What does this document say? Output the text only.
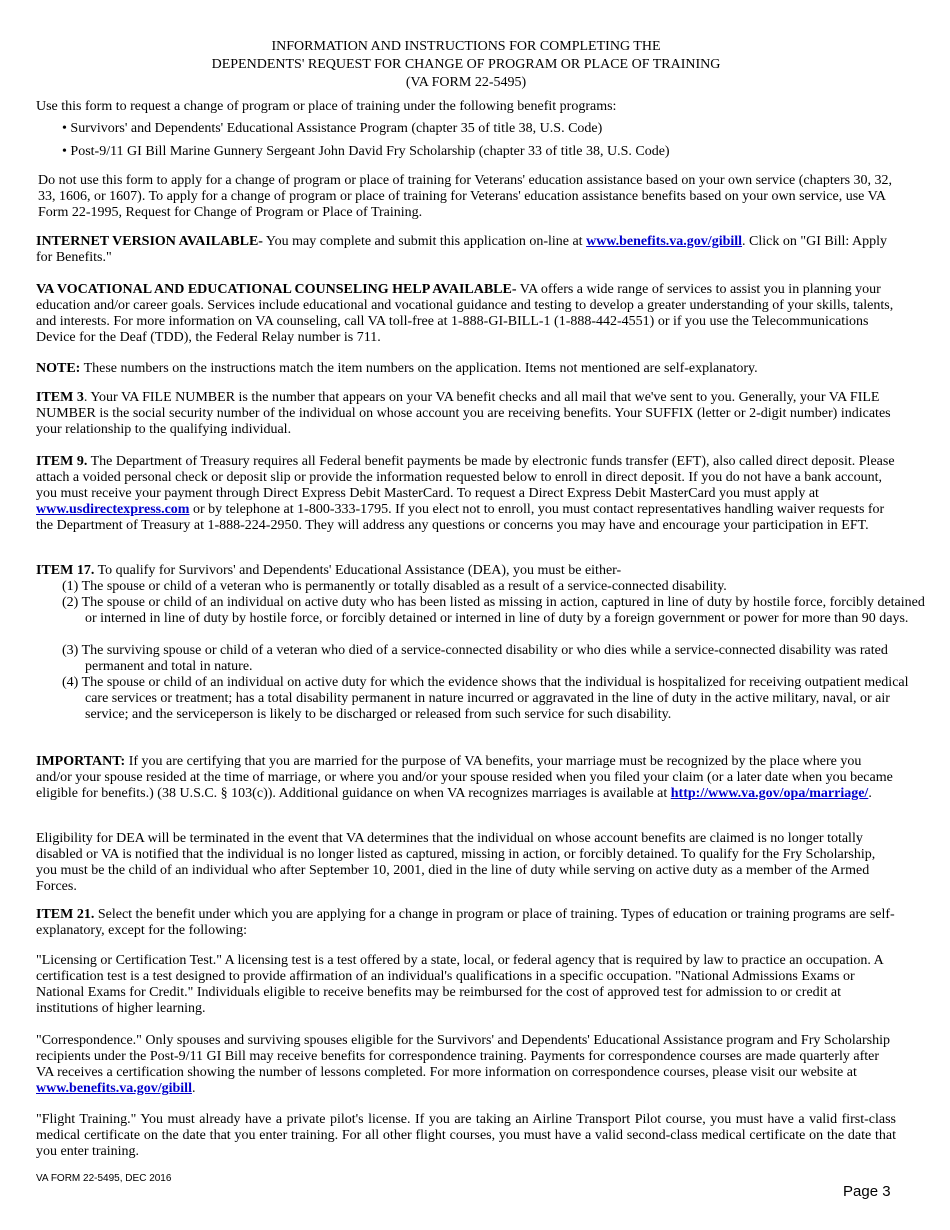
INFORMATION AND INSTRUCTIONS FOR COMPLETING THE

DEPENDENTS' REQUEST FOR CHANGE OF PROGRAM OR PLACE OF TRAINING

(VA FORM 22-5495)

Use this form to request a change of program or place of training under the following benefit programs:

• Survivors' and Dependents' Educational Assistance Program (chapter 35 of title 38, U.S. Code)

• Post-9/11 GI Bill Marine Gunnery Sergeant John David Fry Scholarship (chapter 33 of title 38, U.S. Code)

Do not use this form to apply for a change of program or place of training for Veterans' education assistance based on your own service (chapters 30, 32, 33, 1606, or 1607). To apply for a change of program or place of training for Veterans' education assistance benefits based on your own service, use VA Form 22-1995, Request for Change of Program or Place of Training.

INTERNET VERSION AVAILABLE- You may complete and submit this application on-line at www.benefits.va.gov/gibill. Click on "GI Bill: Apply for Benefits."

VA VOCATIONAL AND EDUCATIONAL COUNSELING HELP AVAILABLE- VA offers a wide range of services to assist you in planning your education and/or career goals. Services include educational and vocational guidance and testing to develop a greater understanding of your skills, talents, and interests. For more information on VA counseling, call VA toll-free at 1-888-GI-BILL-1 (1-888-442-4551) or if you use the Telecommunications Device for the Deaf (TDD), the Federal Relay number is 711.

NOTE: These numbers on the instructions match the item numbers on the application. Items not mentioned are self-explanatory.

ITEM 3. Your VA FILE NUMBER is the number that appears on your VA benefit checks and all mail that we've sent to you. Generally, your VA FILE NUMBER is the social security number of the individual on whose account you are receiving benefits. Your SUFFIX (letter or 2-digit number) indicates your relationship to the qualifying individual.

ITEM 9. The Department of Treasury requires all Federal benefit payments be made by electronic funds transfer (EFT), also called direct deposit. Please attach a voided personal check or deposit slip or provide the information requested below to enroll in direct deposit. If you do not have a bank account, you must receive your payment through Direct Express Debit MasterCard. To request a Direct Express Debit MasterCard you must apply at www.usdirectexpress.com or by telephone at 1-800-333-1795. If you elect not to enroll, you must contact representatives handling waiver requests for the Department of Treasury at 1-888-224-2950. They will address any questions or concerns you may have and encourage your participation in EFT.

ITEM 17. To qualify for Survivors' and Dependents' Educational Assistance (DEA), you must be either-

(1) The spouse or child of a veteran who is permanently or totally disabled as a result of a service-connected disability.

(2) The spouse or child of an individual on active duty who has been listed as missing in action, captured in line of duty by hostile force, forcibly detained or interned in line of duty by hostile force, or forcibly detained or interned in line of duty by a foreign government or power for more than 90 days.

(3) The surviving spouse or child of a veteran who died of a service-connected disability or who dies while a service-connected disability was rated permanent and total in nature.

(4) The spouse or child of an individual on active duty for which the evidence shows that the individual is hospitalized for receiving outpatient medical care services or treatment; has a total disability permanent in nature incurred or aggravated in the line of duty in the active military, naval, or air service; and the serviceperson is likely to be discharged or released from such service for such disability.

IMPORTANT: If you are certifying that you are married for the purpose of VA benefits, your marriage must be recognized by the place where you and/or your spouse resided at the time of marriage, or where you and/or your spouse resided when you filed your claim (or a later date when you became eligible for benefits.) (38 U.S.C. § 103(c)). Additional guidance on when VA recognizes marriages is available at http://www.va.gov/opa/marriage/.

Eligibility for DEA will be terminated in the event that VA determines that the individual on whose account benefits are claimed is no longer totally disabled or VA is notified that the individual is no longer listed as captured, missing in action, or forcibly detained. To qualify for the Fry Scholarship, you must be the child of an individual who after September 10, 2001, died in the line of duty while serving on active duty as a member of the Armed Forces.

ITEM 21. Select the benefit under which you are applying for a change in program or place of training. Types of education or training programs are self-explanatory, except for the following:

"Licensing or Certification Test." A licensing test is a test offered by a state, local, or federal agency that is required by law to practice an occupation. A certification test is a test designed to provide affirmation of an individual's qualifications in a specific occupation. "National Admissions Exams or National Exams for Credit." Individuals eligible to receive benefits may be reimbursed for the cost of approved test for admission to or credit at institutions of higher learning.

"Correspondence." Only spouses and surviving spouses eligible for the Survivors' and Dependents' Educational Assistance program and Fry Scholarship recipients under the Post-9/11 GI Bill may receive benefits for correspondence training. Payments for correspondence courses are made quarterly after VA receives a certification showing the number of lessons completed. For more information on correspondence courses, please visit our website at www.benefits.va.gov/gibill.

"Flight Training." You must already have a private pilot's license. If you are taking an Airline Transport Pilot course, you must have a valid first-class medical certificate on the date that you enter training. For all other flight courses, you must have a valid second-class medical certificate on the date that you enter training.

VA FORM 22-5495, DEC 2016
Page 3
